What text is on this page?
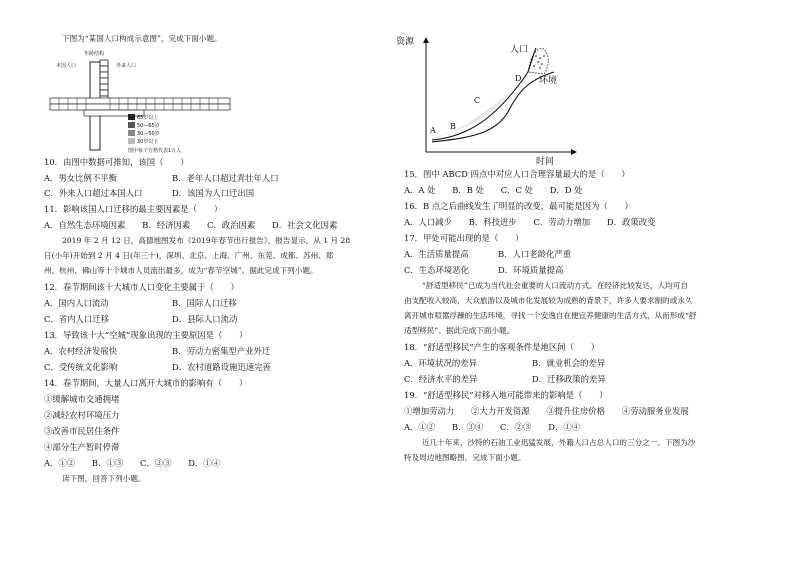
下图为“某国人口构成示意图”，完成下面小题。
年龄结构
本国人口	外来人口
65岁以上
50—65岁
30—50岁
30岁以下
图中每个方格代表1万人
10．由图中数据可推知，该国（　　）
A．男女比例不平衡	B．老年人口超过青壮年人口
C．外来人口超过本国人口	D．该国为人口迁出国
11．影响该国人口迁移的最主要因素是（　　）
A．自然生态环境因素　　B．经济因素　　C．政治因素　　D．社会文化因素
2019 年 2 月 12 日，高德地图发布《2019年春节出行报告》，报告显示，从 1 月 28
日(小年)开始到 2 月 4 日(年三十)，深圳、北京、上海、广州、东莞、成都、苏州、郑
州、杭州、佛山等十个城市人员流出最多，成为“春节空城”。据此完成下列小题。
12．春节期间该十大城市人口变化主要属于（　　）
A．国内人口流动	B．国际人口迁移
C．省内人口迁移	D．县际人口流动
13．导致该十大“空城”现象出现的主要原因是（　　）
A．农村经济发展快	B．劳动力密集型产业外迁
C．受传统文化影响	D．农村道路设施迅速完善
14．春节期间，大量人口离开大城市的影响有（　　）
①缓解城市交通拥堵
②减轻农村环境压力
③改善市民居住条件
④部分生产暂时停滞
A．①②　　B．①③　　C．②③　　D．①④
读下图，回答下列小题。
资源
时间
人口
环境
A B
C
D
15．图中 ABCD 四点中对应人口合理容量最大的是（　　）
A．A 处　　B．B 处　　C．C 处　　D．D 处
16．B 点之后曲线发生了明显的改变，最可能是因为（　　）
A．人口减少　　B．科技进步　　C．劳动力增加　　D．政策改变
17．甲处可能出现的是（　　）
A．生活质量提高	B．人口老龄化严重
C．生态环境恶化	D．环境质量提高
“舒适型移民”已成为当代社会重要的人口流动方式。在经济比较发达，人均可自
由支配收入较高，大众旅游以及城市化发展较为成熟的背景下，许多人要求制的或永久
离开城市喧嚣浮躁的生活环境，寻找一个安逸自在便宜养健康的生活方式，从而形成“舒
适型移民”。据此完成下面小题。
18．“舒适型移民”产生的客观条件是地区间（　　）
A．环境状况的差异	B．就业机会的差异
C．经济水平的差异	D．迁移政策的差异
19．“舒适型移民”对移入地可能带来的影响是（　　）
①增加劳动力　　②大力开发资源　　③提升住房价格　　④劳动服务业发展
A．①②　　B．③④　　C．②③　　D．①④
近几十年来，沙特的石油工业迅猛发展，外籍人口占总人口的三分之一。下图为沙
特及周边地图略图，完成下面小题。
